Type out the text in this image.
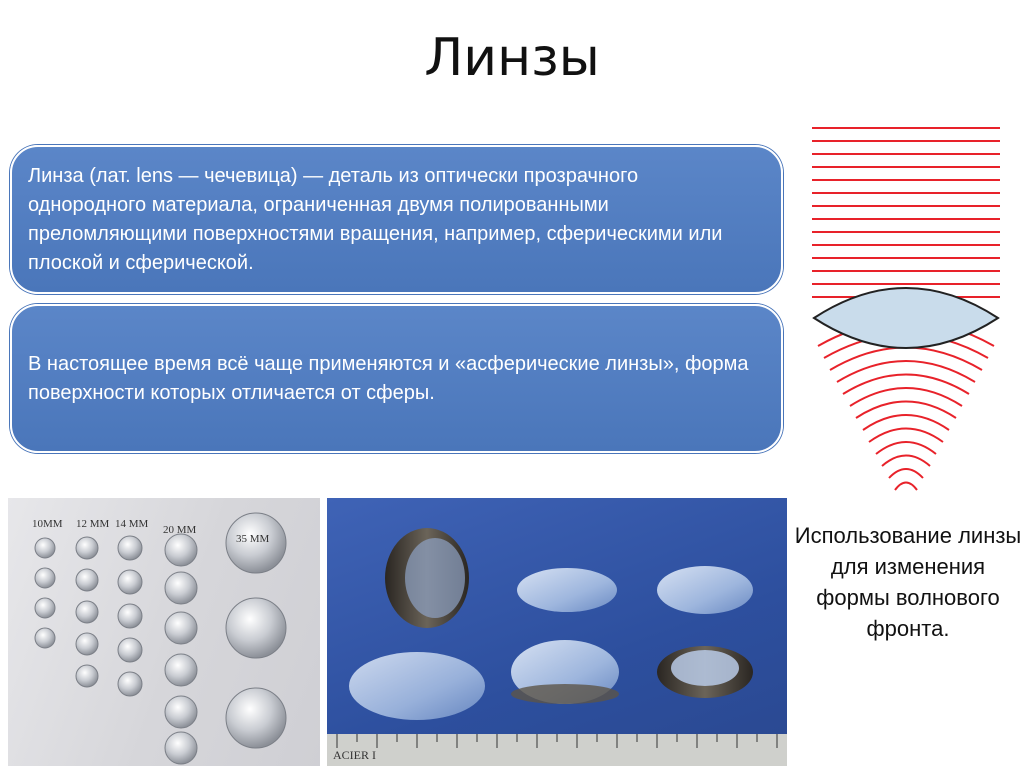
Линзы
Линза (лат. lens — чечевица) — деталь из оптически прозрачного однородного материала, ограниченная двумя полированными преломляющими поверхностями вращения, например, сферическими или плоской и сферической.
В настоящее время всё чаще применяются и «асферические линзы», форма поверхности которых отличается от сферы.
10MM 12 MM 14 MM 20 MM
35 MM
ACIER I
Использование линзы для изменения формы волнового фронта.
